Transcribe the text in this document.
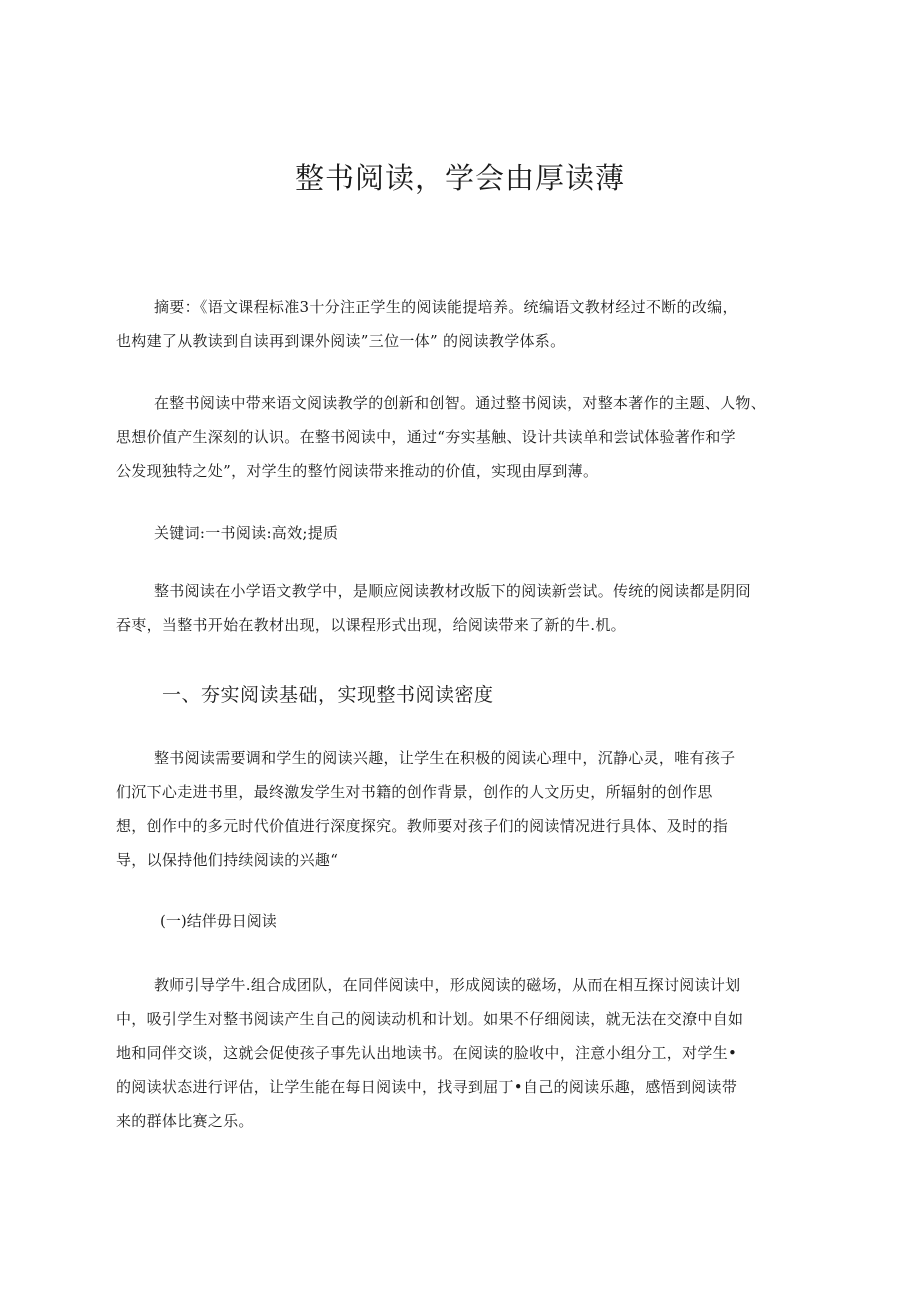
整书阅读，学会由厚读薄

摘要：《语文课程标准3十分注正学生的阅读能提培养。统编语文教材经过不断的改编，
也构建了从教读到自读再到课外阅读”三位一体” 的阅读教学体系。

在整书阅读中带来语文阅读教学的创新和创智。通过整书阅读，对整本著作的主题、人物、
思想价值产生深刻的认识。在整书阅读中，通过“夯实基触、设计共读单和尝试体验著作和学
公发现独特之处”，对学生的整竹阅读带来推动的价值，实现由厚到薄。

关键词:一书阅读:高效;提质

整书阅读在小学语文教学中，是顺应阅读教材改版下的阅读新尝试。传统的阅读都是阴冏
吞枣，当整书开始在教材出现，以课程形式出现，给阅读带来了新的牛.机。

一、夯实阅读基础，实现整书阅读密度

整书阅读需要调和学生的阅读兴趣，让学生在积极的阅读心理中，沉静心灵，唯有孩子
们沉下心走进书里，最终激发学生对书籍的创作背景，创作的人文历史，所辐射的创作思
想，创作中的多元时代价值进行深度探究。教师要对孩子们的阅读情况进行具体、及时的指
导，以保持他们持续阅读的兴趣“

(一)结伴毋日阅读

教师引导学牛.组合成团队，在同伴阅读中，形成阅读的磁场，从而在相互探讨阅读计划
中，吸引学生对整书阅读产生自己的阅读动机和计划。如果不仔细阅读，就无法在交潦中自如
地和同伴交谈，这就会促使孩子事先认出地读书。在阅读的脸收中，注意小组分工，对学生•
的阅读状态进行评估，让学生能在每日阅读中，找寻到屈丁•自己的阅读乐趣，感悟到阅读带
来的群体比赛之乐。
